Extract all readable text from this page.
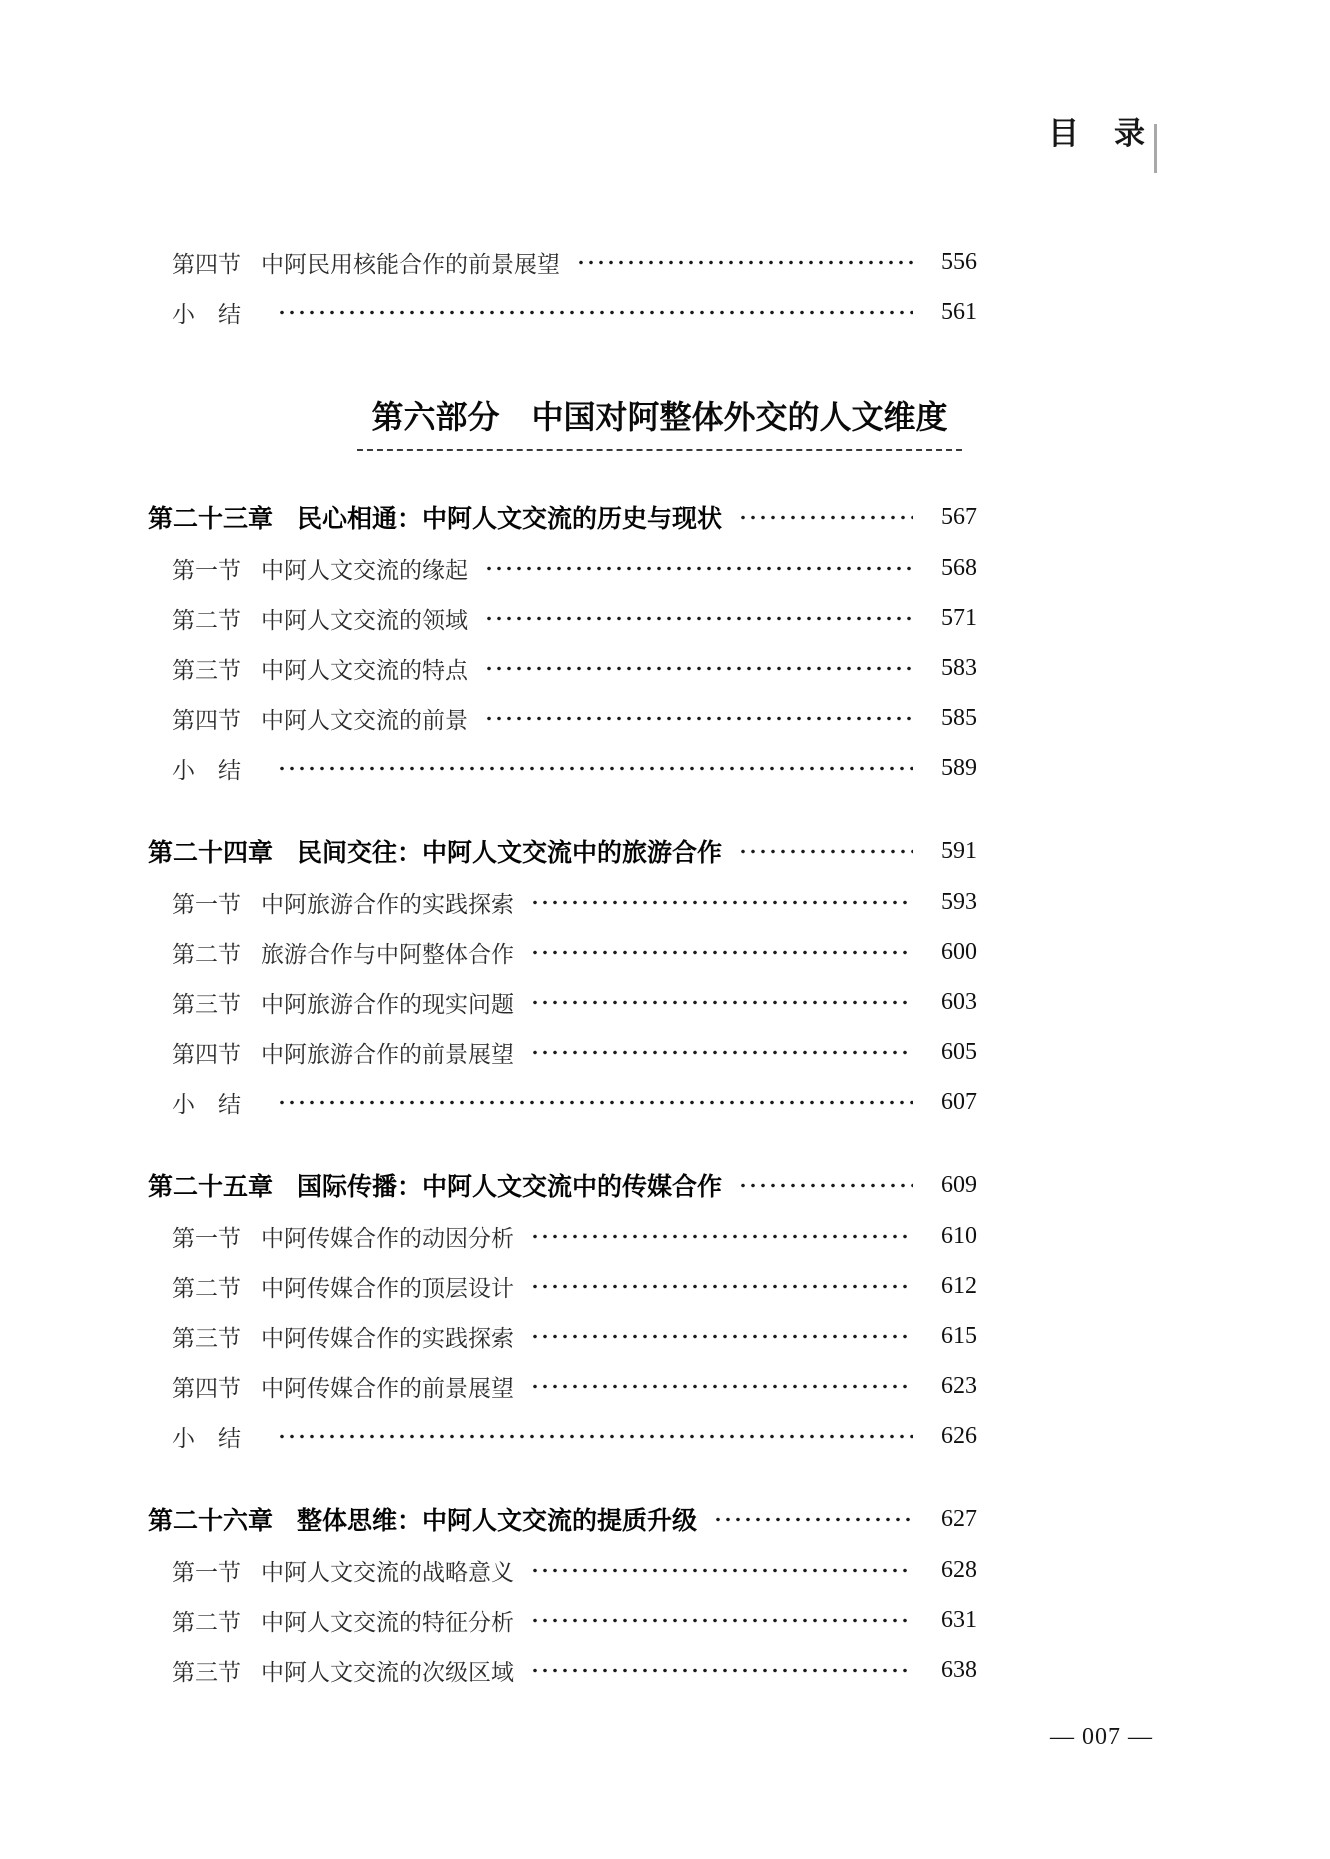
目　录
第四节 中阿民用核能合作的前景展望	556
小　结	561
第六部分　中国对阿整体外交的人文维度
第二十三章 民心相通：中阿人文交流的历史与现状	567
第一节 中阿人文交流的缘起	568
第二节 中阿人文交流的领域	571
第三节 中阿人文交流的特点	583
第四节 中阿人文交流的前景	585
小　结	589
第二十四章 民间交往：中阿人文交流中的旅游合作	591
第一节 中阿旅游合作的实践探索	593
第二节 旅游合作与中阿整体合作	600
第三节 中阿旅游合作的现实问题	603
第四节 中阿旅游合作的前景展望	605
小　结	607
第二十五章 国际传播：中阿人文交流中的传媒合作	609
第一节 中阿传媒合作的动因分析	610
第二节 中阿传媒合作的顶层设计	612
第三节 中阿传媒合作的实践探索	615
第四节 中阿传媒合作的前景展望	623
小　结	626
第二十六章 整体思维：中阿人文交流的提质升级	627
第一节 中阿人文交流的战略意义	628
第二节 中阿人文交流的特征分析	631
第三节 中阿人文交流的次级区域	638
— 007 —
